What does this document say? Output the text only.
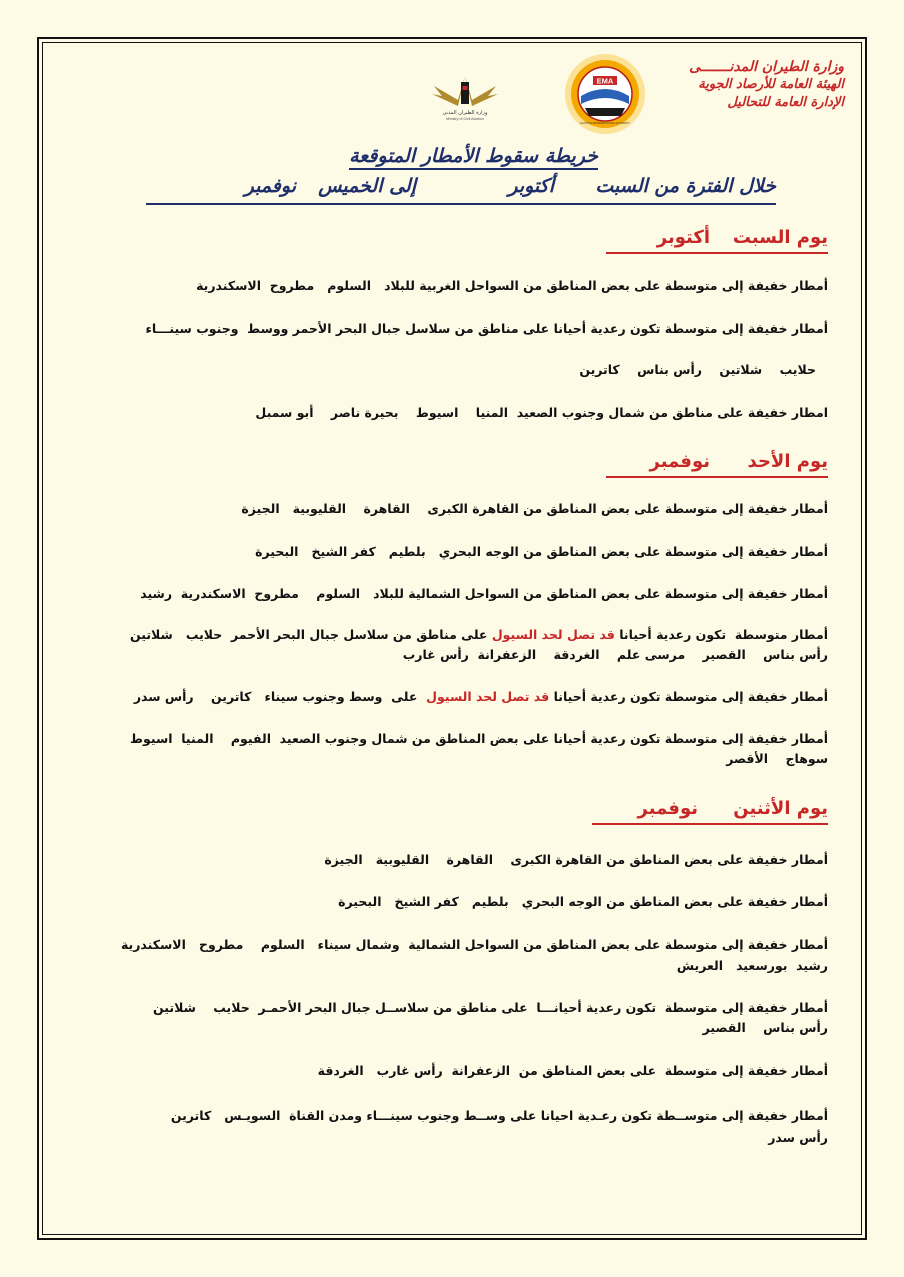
وزارة الطيران المدنـــــــى
الهيئة العامة للأرصاد الجوية
الإدارة العامة للتحاليل
EMA
EGYPTIAN METEOROLOGICAL AUTHORITY
وزارة الطيران المدني
Ministry of Civil Aviation
خريطة سقوط الأمطار المتوقعة
خلال الفترة من السبت
أكتوبر
إلى الخميس
نوفمبر
يوم السبت
أكتوبر
أمطار خفيفة إلى متوسطة على بعض المناطق من السواحل الغربية للبلاد   السلوم   مطروح  الاسكندرية
أمطار خفيفة إلى متوسطة تكون رعدية أحيانا على مناطق من سلاسل جبال البحر الأحمر ووسط  وجنوب سينـــاء
حلايب    شلاتين    رأس بناس    كاترين
امطار خفيفة على مناطق من شمال وجنوب الصعيد  المنيا    اسيوط    بحيرة ناصر    أبو سمبل
يوم الأحد
نوفمبر
أمطار خفيفة إلى متوسطة على بعض المناطق من القاهرة الكبرى    القاهرة    القليوبية   الجيزة
أمطار خفيفة إلى متوسطة على بعض المناطق من الوجه البحري   بلطيم   كفر الشيخ   البحيرة
أمطار خفيفة إلى متوسطة على بعض المناطق من السواحل الشمالية للبلاد   السلوم    مطروح  الاسكندرية  رشيد
أمطار متوسطة  تكون رعدية أحيانا قد تصل لحد السيول على مناطق من سلاسل جبال البحر الأحمر  حلايب   شلاتين
رأس بناس    القصير    مرسى علم    الغردقة    الزعفرانة  رأس غارب
أمطار خفيفة إلى متوسطة تكون رعدية أحيانا قد تصل لحد السيول  على  وسط وجنوب سيناء   كاترين    رأس سدر
أمطار خفيفة إلى متوسطة تكون رعدية أحيانا على بعض المناطق من شمال وجنوب الصعيد  الفيوم    المنيا  اسيوط
سوهاج    الأقصر
يوم الأثنين
نوفمبر
أمطار خفيفة على بعض المناطق من القاهرة الكبرى    القاهرة    القليوبية   الجيزة
أمطار خفيفة على بعض المناطق من الوجه البحري   بلطيم   كفر الشيخ   البحيرة
أمطار خفيفة إلى متوسطة على بعض المناطق من السواحل الشمالية  وشمال سيناء   السلوم    مطروح   الاسكندرية
رشيد  بورسعيد   العريش
أمطار خفيفة إلى متوسطة  تكون رعدية أحيانـــا  على مناطق من سلاســل جبال البحر الأحمـر  حلايب    شلاتين
رأس بناس    القصير
أمطار خفيفة إلى متوسطة  على بعض المناطق من  الزعفرانة  رأس غارب   الغردقة
أمطار خفيفة إلى متوســطة تكون رعـدية احيانا على وســط وجنوب سينـــاء ومدن القناة  السويـس   كاترين
رأس سدر
